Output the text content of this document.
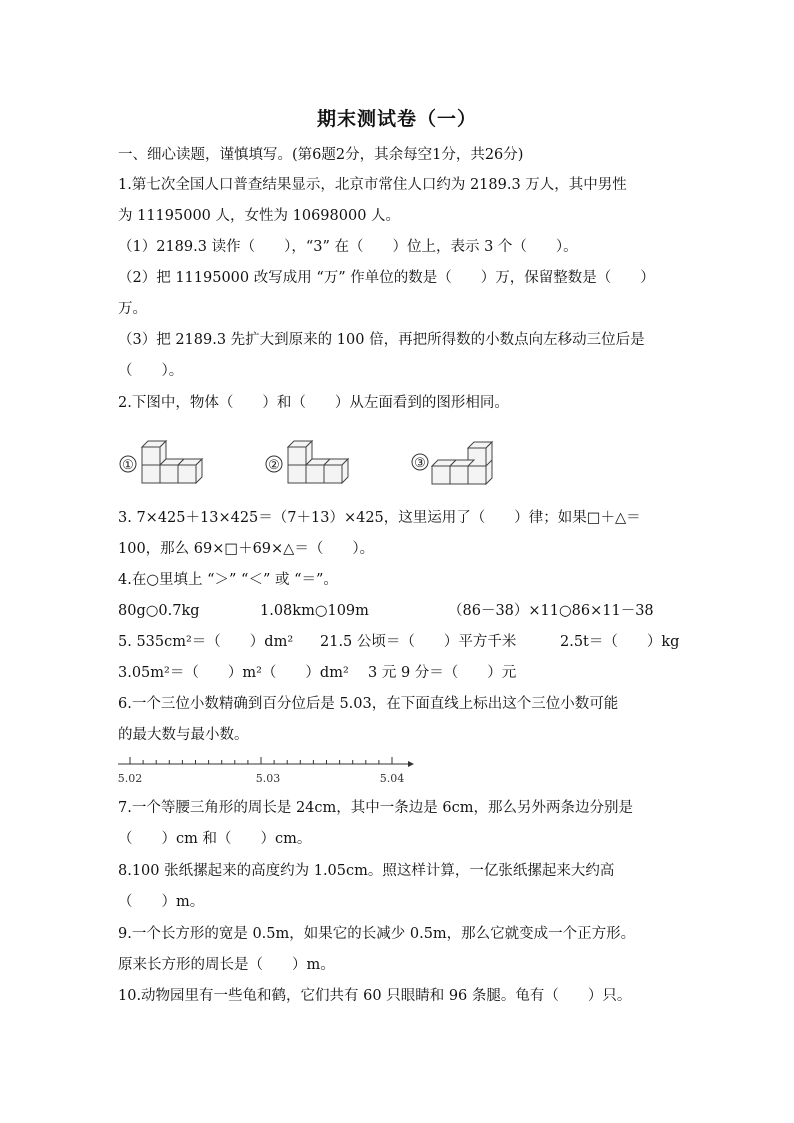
期末测试卷（一）
一、细心读题，谨慎填写。(第6题2分，其余每空1分，共26分)
1.第七次全国人口普查结果显示，北京市常住人口约为 2189.3 万人，其中男性
为 11195000 人，女性为 10698000 人。
（1）2189.3 读作（　　），“3” 在（　　）位上，表示 3 个（　　）。
（2）把 11195000 改写成用 “万” 作单位的数是（　　）万，保留整数是（　　）
万。
（3）把 2189.3 先扩大到原来的 100 倍，再把所得数的小数点向左移动三位后是
（　　）。
2.下图中，物体（　　）和（　　）从左面看到的图形相同。
①	②	③
3. 7×425＋13×425＝（7＋13）×425，这里运用了（　　）律；如果□＋△＝
100，那么 69×□＋69×△＝（　　）。
4.在○里填上 “＞” “＜” 或 “＝”。
80g○0.7kg	1.08km○109m	（86－38）×11○86×11－38
5. 535cm²＝（　　）dm² 21.5 公顷＝（　　）平方千米	2.5t＝（　　）kg
3.05m²＝（　　）m²（　　）dm² 3 元 9 分＝（　　）元
6.一个三位小数精确到百分位后是 5.03，在下面直线上标出这个三位小数可能
的最大数与最小数。
5.02	5.03	5.04
7.一个等腰三角形的周长是 24cm，其中一条边是 6cm，那么另外两条边分别是
（　　）cm 和（　　）cm。
8.100 张纸摞起来的高度约为 1.05cm。照这样计算，一亿张纸摞起来大约高
（　　）m。
9.一个长方形的宽是 0.5m，如果它的长减少 0.5m，那么它就变成一个正方形。
原来长方形的周长是（　　）m。
10.动物园里有一些龟和鹤，它们共有 60 只眼睛和 96 条腿。龟有（　　）只。
